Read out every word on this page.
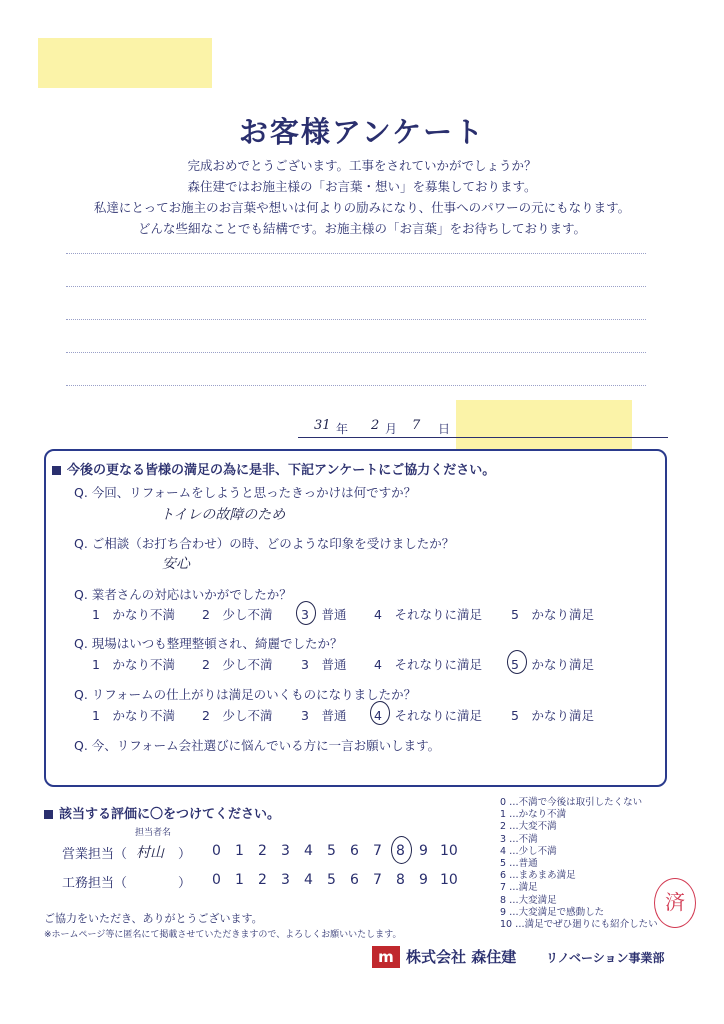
お客様アンケート
完成おめでとうございます。工事をされていかがでしょうか？
森住建ではお施主様の「お言葉・想い」を募集しております。
私達にとってお施主のお言葉や想いは何よりの励みになり、仕事へのパワーの元にもなります。
どんな些細なことでも結構です。お施主様の「お言葉」をお待ちしております。
31 年 2 月 7 日
今後の更なる皆様の満足の為に是非、下記アンケートにご協力ください。
Q. 今回、リフォームをしようと思ったきっかけは何ですか？
トイレの故障のため
Q. ご相談（お打ち合わせ）の時、どのような印象を受けましたか？
安心
Q. 業者さんの対応はいかがでしたか？
1　かなり不満 2　少し不満 3　普通 4　それなりに満足 5　かなり満足
Q. 現場はいつも整理整頓され、綺麗でしたか？
1　かなり不満 2　少し不満 3　普通 4　それなりに満足 5　かなり満足
Q. リフォームの仕上がりは満足のいくものになりましたか？
1　かなり不満 2　少し不満 3　普通 4　それなりに満足 5　かなり満足
Q. 今、リフォーム会社選びに悩んでいる方に一言お願いします。
該当する評価に〇をつけてください。
担当者名
営業担当（ 村山 ） 0 1 2 3 4 5 6 7 8 9 10
工務担当（	） 0 1 2 3 4 5 6 7 8 9 10
0 …不満で今後は取引したくない
1 …かなり不満
2 …大変不満
3 …不満
4 …少し不満
5 …普通
6 …まあまあ満足
7 …満足
8 …大変満足
9 …大変満足で感動した
10 …満足でぜひ廻りにも紹介したい
済
ご協力をいただき、ありがとうございます。
※ホームページ等に匿名にて掲載させていただきますので、よろしくお願いいたします。
m 株式会社 森住建 リノベーション事業部
